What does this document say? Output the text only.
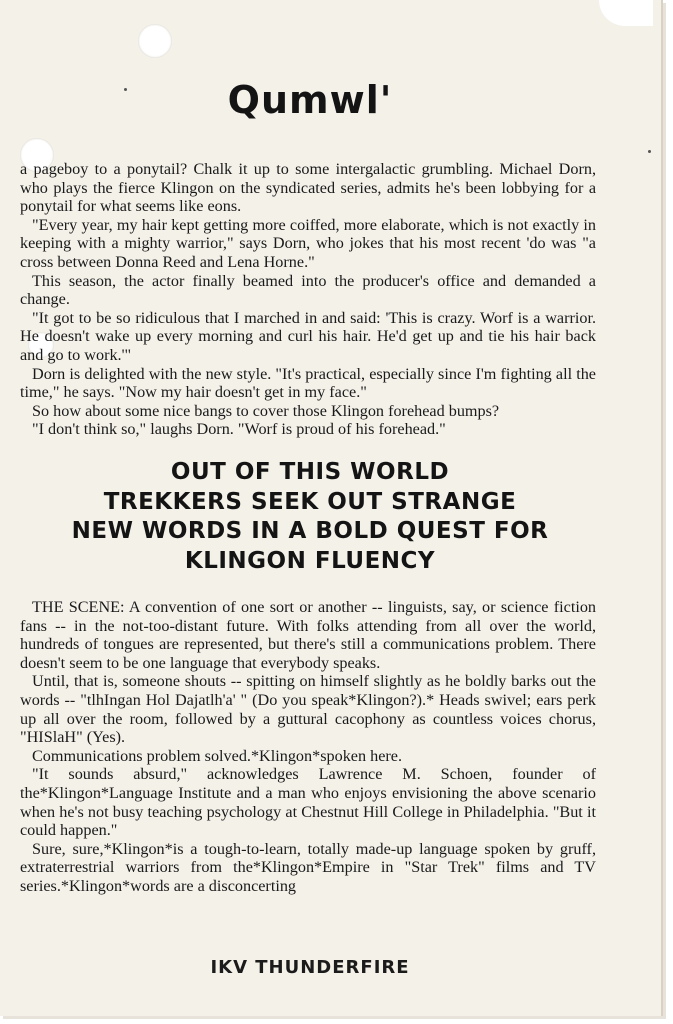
Qumwl'

a pageboy to a ponytail? Chalk it up to some intergalactic grumbling. Michael Dorn, who plays the fierce Klingon on the syndicated series, admits he's been lobbying for a ponytail for what seems like eons.

"Every year, my hair kept getting more coiffed, more elaborate, which is not exactly in keeping with a mighty warrior," says Dorn, who jokes that his most recent 'do was "a cross between Donna Reed and Lena Horne."

This season, the actor finally beamed into the producer's office and demanded a change.

"It got to be so ridiculous that I marched in and said: 'This is crazy. Worf is a warrior. He doesn't wake up every morning and curl his hair. He'd get up and tie his hair back and go to work.'"

Dorn is delighted with the new style. "It's practical, especially since I'm fighting all the time," he says. "Now my hair doesn't get in my face."

So how about some nice bangs to cover those Klingon forehead bumps?

"I don't think so," laughs Dorn. "Worf is proud of his forehead."

OUT OF THIS WORLD
TREKKERS SEEK OUT STRANGE
NEW WORDS IN A BOLD QUEST FOR
KLINGON FLUENCY

THE SCENE: A convention of one sort or another -- linguists, say, or science fiction fans -- in the not-too-distant future. With folks attending from all over the world, hundreds of tongues are represented, but there's still a communications problem. There doesn't seem to be one language that everybody speaks.

Until, that is, someone shouts -- spitting on himself slightly as he boldly barks out the words -- "tlhIngan Hol Dajatlh'a' " (Do you speak*Klingon?).* Heads swivel; ears perk up all over the room, followed by a guttural cacophony as countless voices chorus, "HISlaH" (Yes).

Communications problem solved.*Klingon*spoken here.

"It sounds absurd," acknowledges Lawrence M. Schoen, founder of the*Klingon*Language Institute and a man who enjoys envisioning the above scenario when he's not busy teaching psychology at Chestnut Hill College in Philadelphia. "But it could happen."

Sure, sure,*Klingon*is a tough-to-learn, totally made-up language spoken by gruff, extraterrestrial warriors from the*Klingon*Empire in "Star Trek" films and TV series.*Klingon*words are a disconcerting

IKV THUNDERFIRE
